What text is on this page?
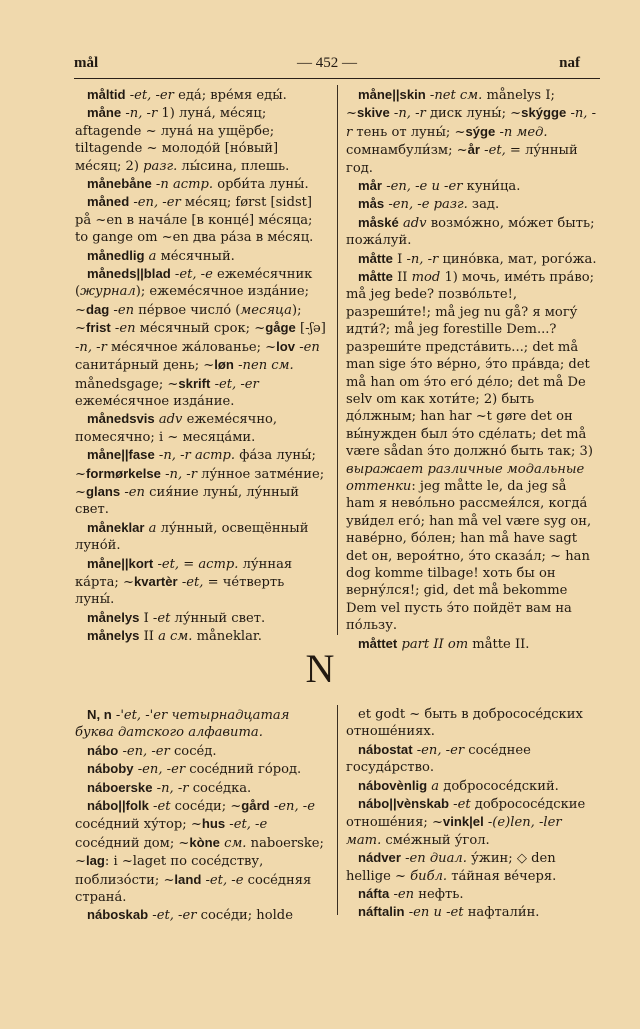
mål	— 452 —	naf
måltid -et, -er еда́; вре́мя еды́.
måne -n, -r 1) луна́, ме́сяц; aftagende ~ луна́ на ущёрбе; tiltagende ~ молодо́й [но́вый] ме́сяц; 2) разг. лы́сина, плешь.
månebåne -n астр. орби́та луны́.
måned -en, -er ме́сяц; først [sidst] på ~en в нача́ле [в конце́] ме́сяца; to gange om ~en два ра́за в ме́сяц.
månedlig a ме́сячный.
måneds||blad -et, -e ежеме́сячник (журнал); ежеме́сячное изда́ние; ~dag -en пе́рвое число́ (месяца); ~frist -en ме́сячный срок; ~gåge [-ʃə] -n, -r ме́сячное жа́лованье; ~lov -en санита́рный день; ~løn -nen см. månedsgage; ~skrift -et, -er ежеме́сячное изда́ние.
månedsvis adv ежеме́сячно, помесячно; i ~ месяца́ми.
måne||fase -n, -r астр. фа́за луны́; ~formørkelse -n, -r лу́нное затме́ние; ~glans -en сия́ние луны́, лу́нный свет.
måneklar a лу́нный, освещённый луно́й.
måne||kort -et, = астр. лу́нная ка́рта; ~kvartèr -et, = че́тверть луны́.
månelys I -et лу́нный свет.
månelys II a см. måneklar.
måne||skin -net см. månelys I; ~skive -n, -r диск луны́; ~skýgge -n, -r тень от луны́; ~sýge -n мед. сомнамбули́зм; ~år -et, = лу́нный год.
mår -en, -e и -er куни́ца.
mås -en, -e разг. зад.
måské adv возмо́жно, мо́жет быть; пожа́луй.
måtte I -n, -r цино́вка, мат, рого́жа.
måtte II mod 1) мочь, име́ть пра́во; må jeg bede? позво́льте!, разреши́те!; må jeg nu gå? я могу́ идти́?; må jeg forestille Dem...? разреши́те предста́вить...; det må man sige э́то ве́рно, э́то пра́вда; det må han om э́то его́ де́ло; det må De selv om как хоти́те; 2) быть до́лжным; han har ~t gøre det он вы́нужден был э́то сде́лать; det må være sådan э́то должно́ быть так; 3) выражает различные модальные оттенки: jeg måtte le, da jeg så ham я нево́льно рассмея́лся, когда́ уви́дел его́; han må vel være syg он, наве́рно, бо́лен; han må have sagt det он, вероя́тно, э́то сказа́л; ~ han dog komme tilbage! хоть бы он верну́лся!; gid, det må bekomme Dem vel пусть э́то пойдёт вам на по́льзу.
måttet part II om måtte II.
N
N, n -'et, -'er четырнадцатая буква датского алфавита.
nábo -en, -er сосе́д.
náboby -en, -er сосе́дний го́род.
náboerske -n, -r сосе́дка.
nábo||folk -et сосе́ди; ~gård -en, -e сосе́дний ху́тор; ~hus -et, -e сосе́дний дом; ~kòne см. naboerske; ~lag: i ~laget по сосе́дству, поблизо́сти; ~land -et, -e сосе́дняя страна́.
náboskab -et, -er сосе́ди; holde
et godt ~ быть в добрососе́дских отноше́ниях.
nábostat -en, -er сосе́днее госуда́рство.
nábovènlig a добрососе́дский.
nábo||vènskab -et добрососе́дские отноше́ния; ~vink|el -(e)len, -ler мат. сме́жный у́гол.
nádver -en диал. у́жин; ◇ den hellige ~ библ. та́йная ве́черя.
náfta -en нефть.
náftalin -en и -et нафтали́н.
